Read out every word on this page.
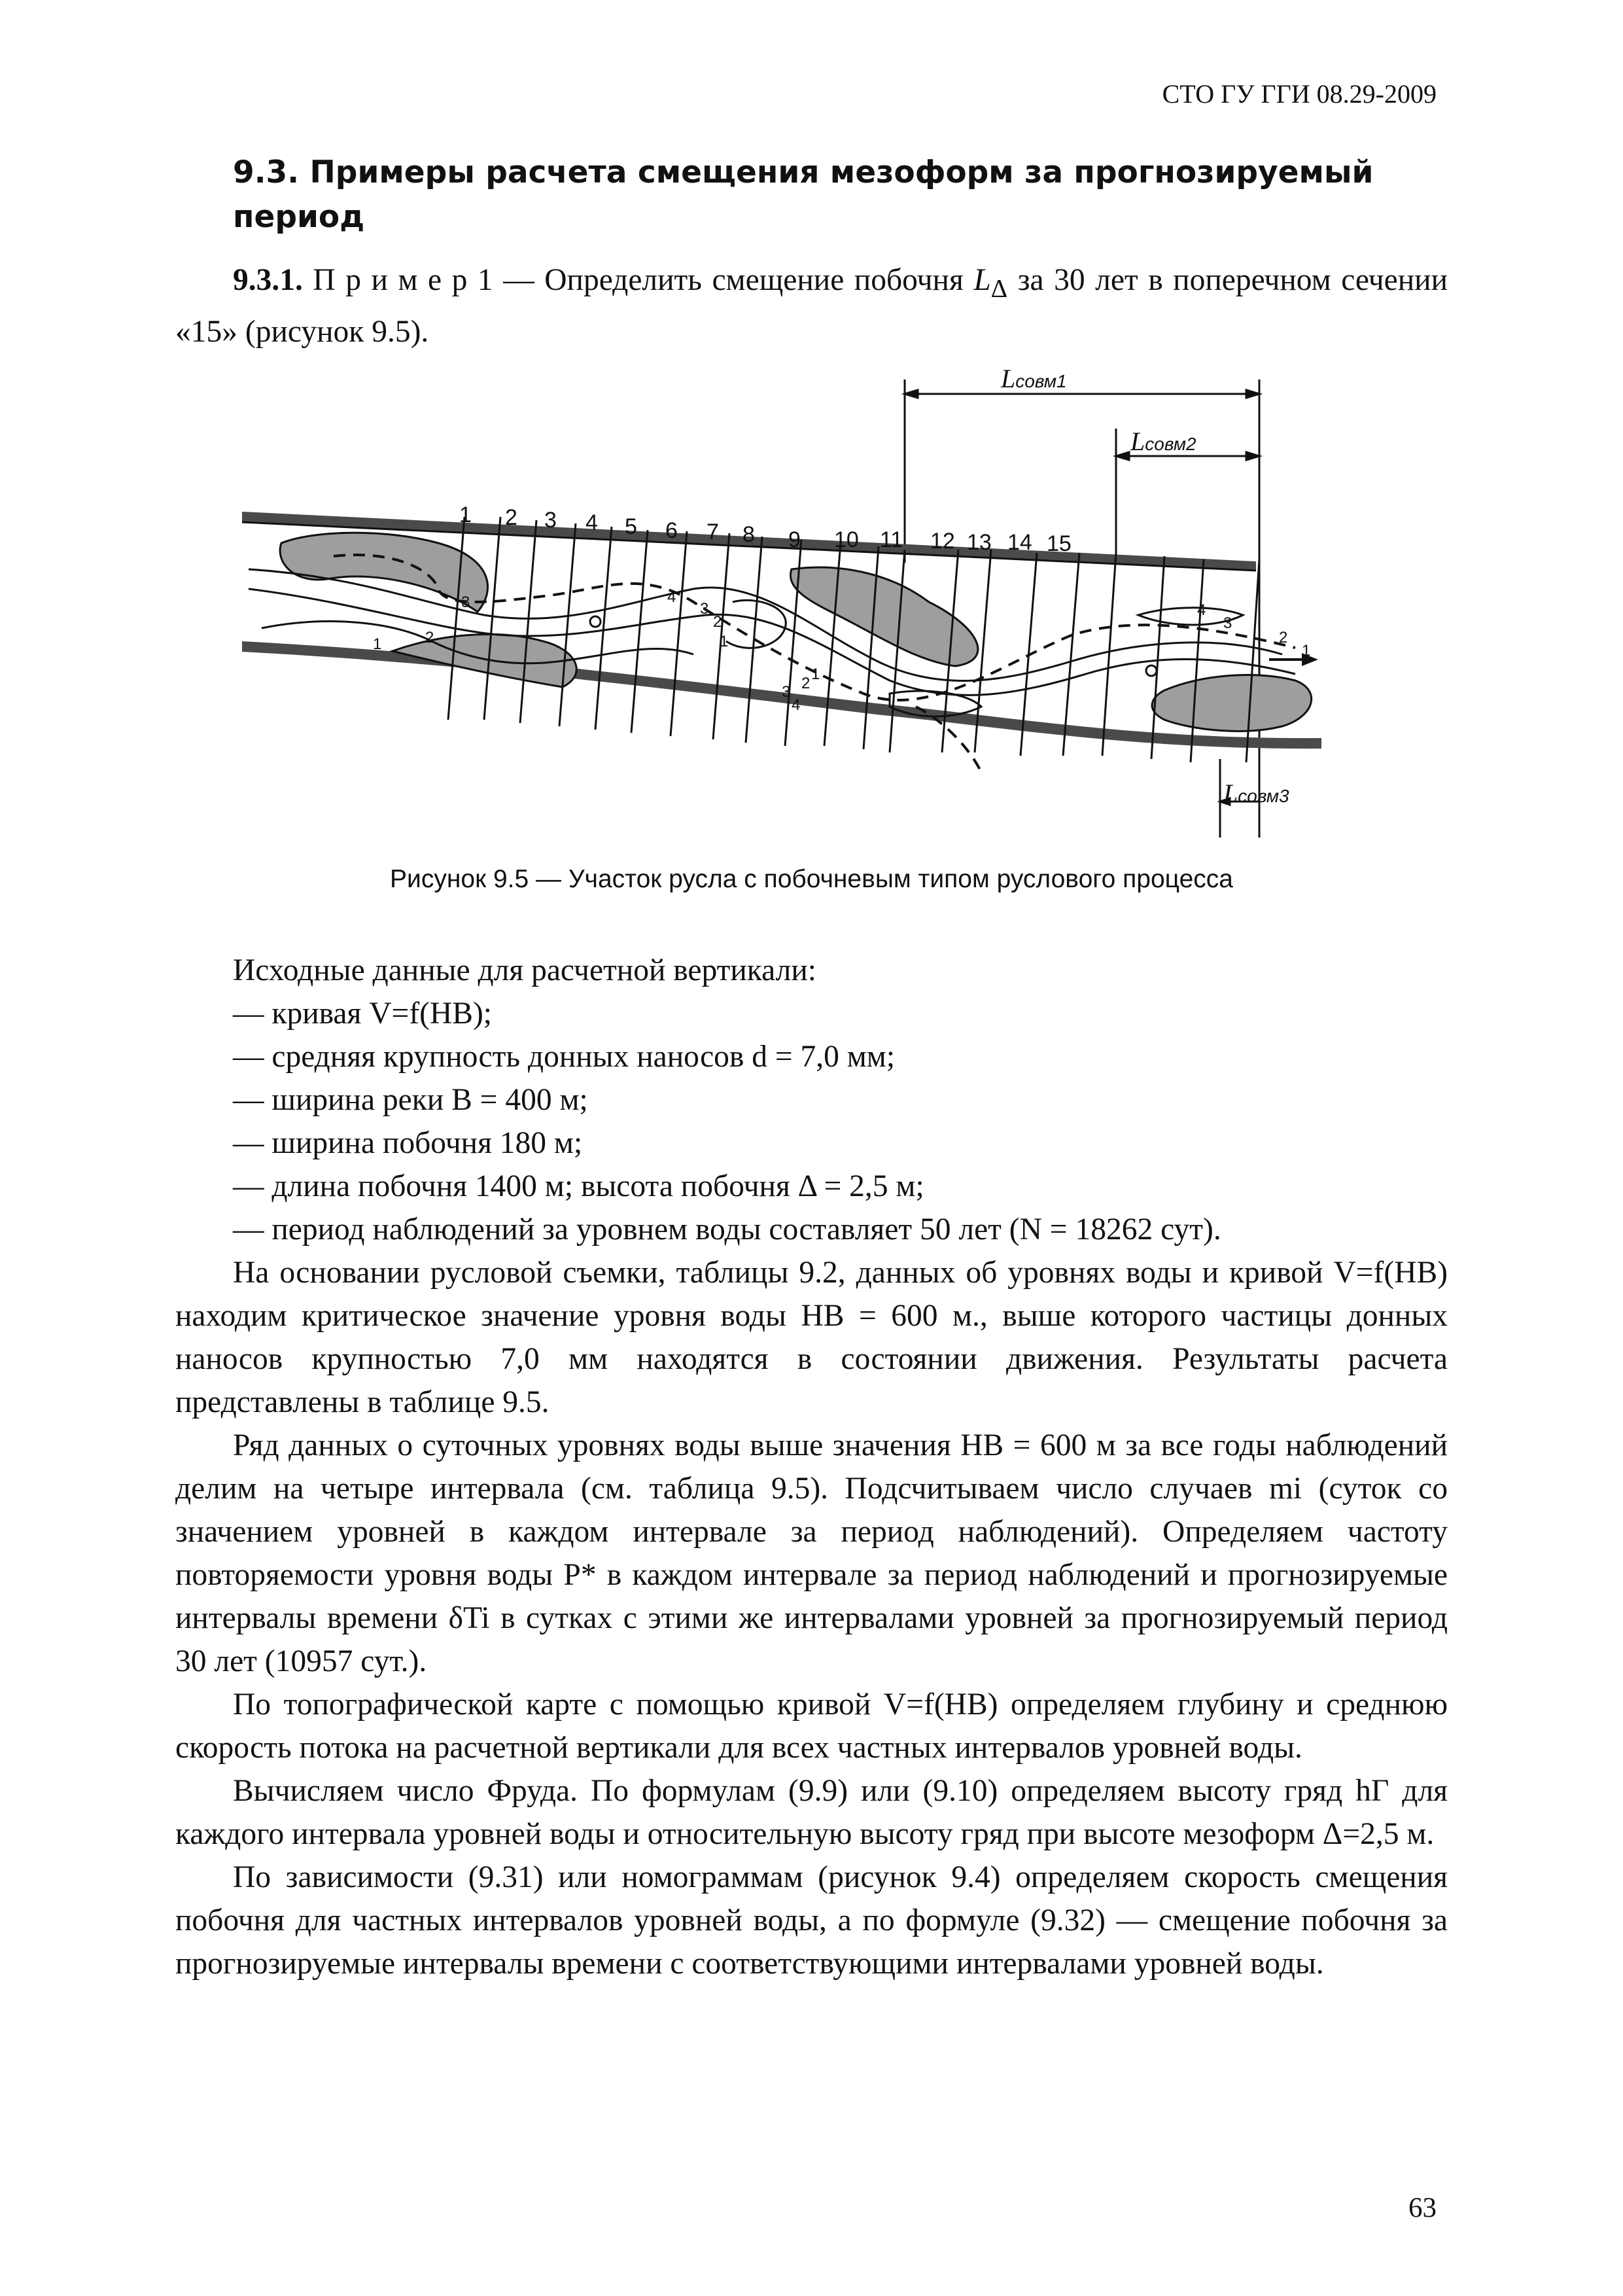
СТО ГУ ГГИ 08.29-2009
9.3. Примеры расчета смещения мезоформ за прогнозируемый период

9.3.1. П р и м е р 1 — Определить смещение побочня $L_\Delta$ за 30 лет в поперечном сечении «15» (рисунок 9.5).

Lсовм1
Lсовм2
Lсовм3
1 2 3 4 5 6 7 8 9 10 11 12 13 14 15
1	2
3	4
3
2
1
4
3 2
1
4
3
2
1
Рисунок 9.5 — Участок русла с побочневым типом руслового процесса

Исходные данные для расчетной вертикали:

— кривая V=f(HB);

— средняя крупность донных наносов d = 7,0 мм;

— ширина реки B = 400 м;

— ширина побочня 180 м;

— длина побочня 1400 м; высота побочня Δ = 2,5 м;

— период наблюдений за уровнем воды составляет 50 лет (N = 18262 сут).

На основании русловой съемки, таблицы 9.2, данных об уровнях воды и кривой V=f(HB) находим критическое значение уровня воды HB = 600 м., выше которого частицы донных наносов крупностью 7,0 мм находятся в состоянии движения. Результаты расчета представлены в таблице 9.5.

Ряд данных о суточных уровнях воды выше значения HB = 600 м за все годы наблюдений делим на четыре интервала (см. таблица 9.5). Подсчитываем число случаев mi (суток со значением уровней в каждом интервале за период наблюдений). Определяем частоту повторяемости уровня воды P* в каждом интервале за период наблюдений и прогнозируемые интервалы времени δTi в сутках с этими же интервалами уровней за прогнозируемый период 30 лет (10957 сут.).

По топографической карте с помощью кривой V=f(HB) определяем глубину и среднюю скорость потока на расчетной вертикали для всех частных интервалов уровней воды.

Вычисляем число Фруда. По формулам (9.9) или (9.10) определяем высоту гряд hГ для каждого интервала уровней воды и относительную высоту гряд при высоте мезоформ Δ=2,5 м.

По зависимости (9.31) или номограммам (рисунок 9.4) определяем скорость смещения побочня для частных интервалов уровней воды, а по формуле (9.32) — смещение побочня за прогнозируемые интервалы времени с соответствующими интервалами уровней воды.

63
